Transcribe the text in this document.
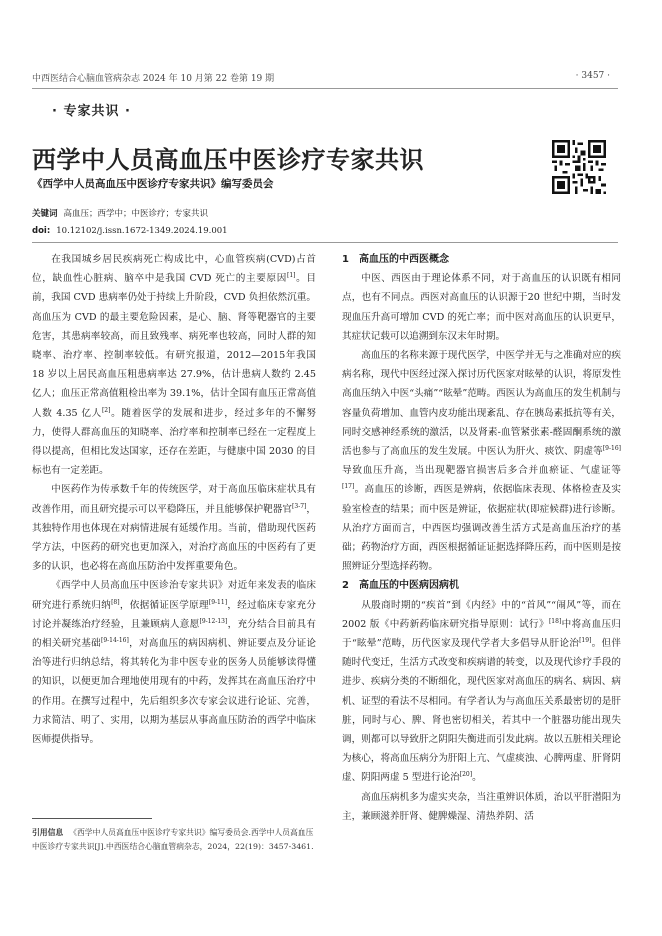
中西医结合心脑血管病杂志 2024 年 10 月第 22 卷第 19 期	· 3457 ·
· 专家共识 ·
西学中人员高血压中医诊疗专家共识
《西学中人员高血压中医诊疗专家共识》编写委员会
关键词 高血压；西学中；中医诊疗；专家共识
doi: 10.12102/j.issn.1672-1349.2024.19.001

在我国城乡居民疾病死亡构成比中，心血管疾病(CVD)占首位，缺血性心脏病、脑卒中是我国 CVD 死亡的主要原因[1]。目前，我国 CVD 患病率仍处于持续上升阶段，CVD 负担依然沉重。高血压为 CVD 的最主要危险因素，是心、脑、肾等靶器官的主要危害，其患病率较高，而且致残率、病死率也较高，同时人群的知晓率、治疗率、控制率较低。有研究报道，2012—2015年我国 18 岁以上居民高血压粗患病率达 27.9%，估计患病人数约 2.45 亿人；血压正常高值粗检出率为 39.1%，估计全国有血压正常高值人数 4.35 亿人[2]。随着医学的发展和进步，经过多年的不懈努力，使得人群高血压的知晓率、治疗率和控制率已经在一定程度上得以提高，但相比发达国家，还存在差距，与健康中国 2030 的目标也有一定差距。

中医药作为传承数千年的传统医学，对于高血压临床症状具有改善作用，而且研究提示可以平稳降压，并且能够保护靶器官[3-7]，其独特作用也体现在对病情进展有延缓作用。当前，借助现代医药学方法，中医药的研究也更加深入，对治疗高血压的中医药有了更多的认识，也必将在高血压防治中发挥重要角色。

《西学中人员高血压中医诊治专家共识》对近年来发表的临床研究进行系统归纳[8]，依据循证医学原理[9-11]，经过临床专家充分讨论并凝练治疗经验，且兼顾病人意愿[9-12-13]，充分结合目前具有的相关研究基础[9-14-16]，对高血压的病因病机、辨证要点及分证论治等进行归纳总结，将其转化为非中医专业的医务人员能够读得懂的知识，以便更加合理地使用现有的中药，发挥其在高血压治疗中的作用。在撰写过程中，先后组织多次专家会议进行论证、完善，力求简洁、明了、实用，以期为基层从事高血压防治的西学中临床医师提供指导。

1　高血压的中西医概念

中医、西医由于理论体系不同，对于高血压的认识既有相同点，也有不同点。西医对高血压的认识源于20 世纪中期，当时发现血压升高可增加 CVD 的死亡率；而中医对高血压的认识更早，其症状记载可以追溯到东汉末年时期。

高血压的名称来源于现代医学，中医学并无与之准确对应的疾病名称，现代中医经过深入探讨历代医家对眩晕的认识，将原发性高血压纳入中医“头痛”“眩晕”范畴。西医认为高血压的发生机制与容量负荷增加、血管内皮功能出现紊乱、存在胰岛素抵抗等有关，同时交感神经系统的激活，以及肾素-血管紧张素-醛固酮系统的激活也参与了高血压的发生发展。中医认为肝火、痰饮、阴虚等[9-16]导致血压升高，当出现靶器官损害后多合并血瘀证、气虚证等[17]。高血压的诊断，西医是辨病，依据临床表现、体格检查及实验室检查的结果；而中医是辨证，依据症状(即症候群)进行诊断。从治疗方面而言，中西医均强调改善生活方式是高血压治疗的基础；药物治疗方面，西医根据循证证据选择降压药，而中医则是按照辨证分型选择药物。

2　高血压的中医病因病机

从殷商时期的“疾首”到《内经》中的“首风”“闹风”等，而在 2002 版《中药新药临床研究指导原则：试行》[18]中将高血压归于“眩晕”范畴，历代医家及现代学者大多倡导从肝论治[19]。但伴随时代变迁，生活方式改变和疾病谱的转变，以及现代诊疗手段的进步、疾病分类的不断细化，现代医家对高血压的病名、病因、病机、证型的看法不尽相同。有学者认为与高血压关系最密切的是肝脏，同时与心、脾、肾也密切相关，若其中一个脏器功能出现失调，则都可以导致肝之阴阳失衡进而引发此病。故以五脏相关理论为核心，将高血压病分为肝阳上亢、气虚痰浊、心脾两虚、肝肾阴虚、阴阳两虚 5 型进行论治[20]。

高血压病机多为虚实夹杂，当注重辨识体质，治以平肝潜阳为主，兼顾滋养肝肾、健脾燥湿、清热养阴、活

引用信息 《西学中人员高血压中医诊疗专家共识》编写委员会.西学中人员高血压中医诊疗专家共识[J].中西医结合心脑血管病杂志，2024，22(19)：3457-3461.
